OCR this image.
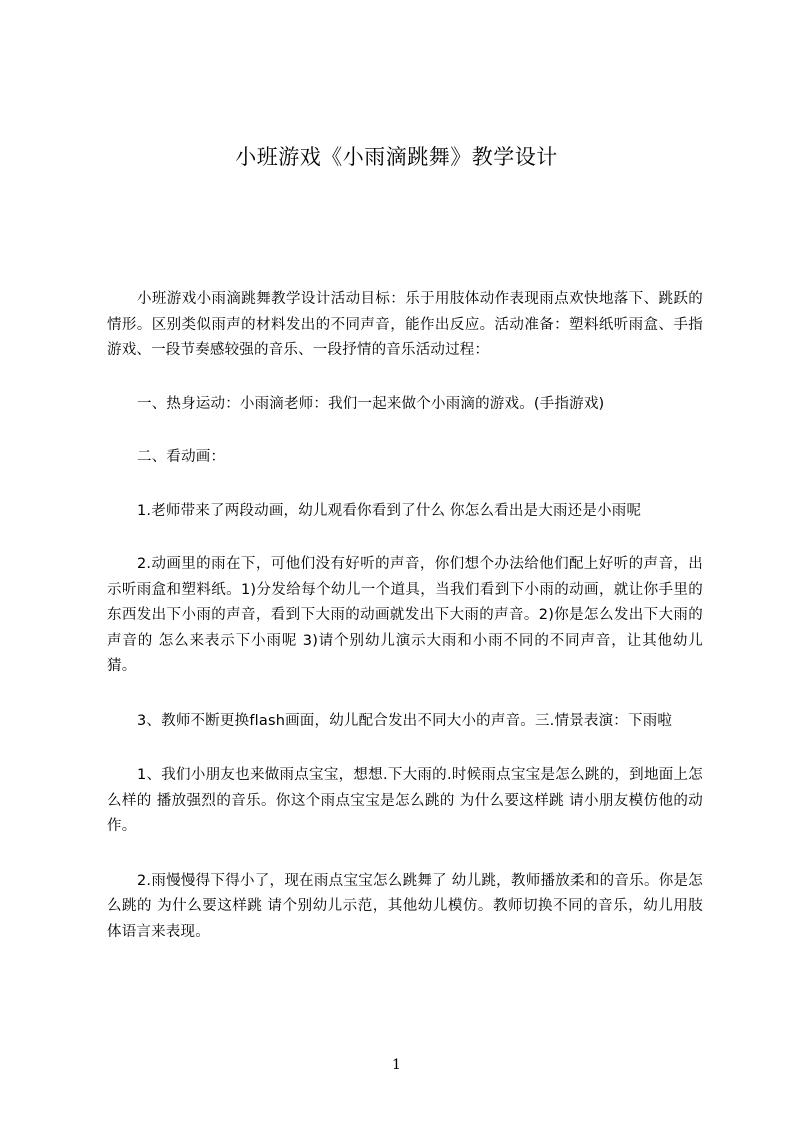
小班游戏《小雨滴跳舞》教学设计

小班游戏小雨滴跳舞教学设计活动目标：乐于用肢体动作表现雨点欢快地落下、跳跃的情形。区别类似雨声的材料发出的不同声音，能作出反应。活动准备：塑料纸听雨盒、手指游戏、一段节奏感较强的音乐、一段抒情的音乐活动过程：

一、热身运动：小雨滴老师：我们一起来做个小雨滴的游戏。(手指游戏)

二、看动画：

1.老师带来了两段动画，幼儿观看你看到了什么 你怎么看出是大雨还是小雨呢

2.动画里的雨在下，可他们没有好听的声音，你们想个办法给他们配上好听的声音，出示听雨盒和塑料纸。1)分发给每个幼儿一个道具，当我们看到下小雨的动画，就让你手里的东西发出下小雨的声音，看到下大雨的动画就发出下大雨的声音。2)你是怎么发出下大雨的声音的 怎么来表示下小雨呢 3)请个别幼儿演示大雨和小雨不同的不同声音，让其他幼儿猜。

3、教师不断更换flash画面，幼儿配合发出不同大小的声音。三.情景表演：下雨啦

1、我们小朋友也来做雨点宝宝，想想.下大雨的.时候雨点宝宝是怎么跳的，到地面上怎么样的 播放强烈的音乐。你这个雨点宝宝是怎么跳的 为什么要这样跳 请小朋友模仿他的动作。

2.雨慢慢得下得小了，现在雨点宝宝怎么跳舞了 幼儿跳，教师播放柔和的音乐。你是怎么跳的 为什么要这样跳 请个别幼儿示范，其他幼儿模仿。教师切换不同的音乐，幼儿用肢体语言来表现。

1
